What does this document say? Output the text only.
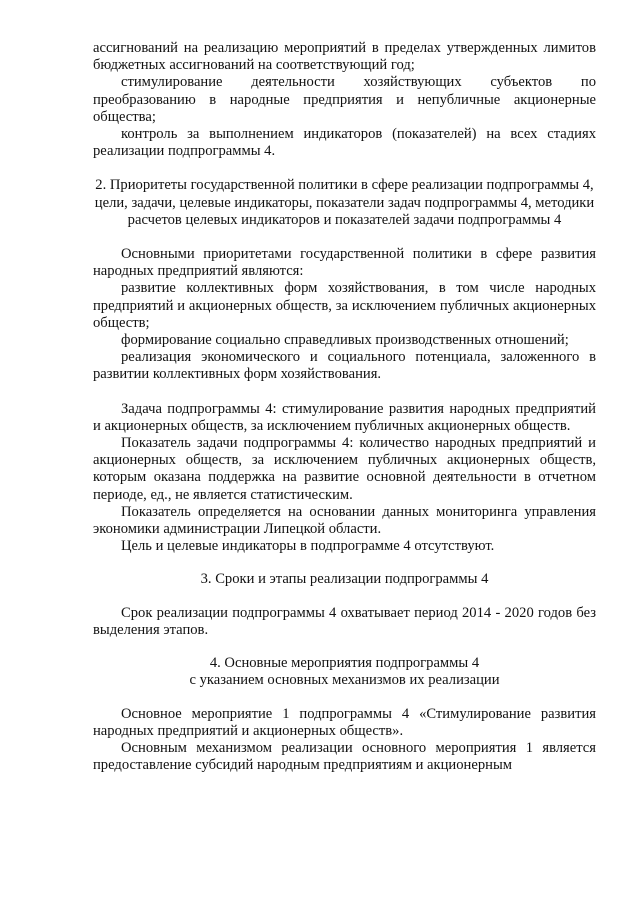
ассигнований на реализацию мероприятий в пределах утвержденных лимитов бюджетных ассигнований на соответствующий год;

стимулирование деятельности хозяйствующих субъектов по преобразованию в народные предприятия и непубличные акционерные общества;

контроль за выполнением индикаторов (показателей) на всех стадиях реализации подпрограммы 4.

2. Приоритеты государственной политики в сфере реализации подпрограммы 4, цели, задачи, целевые индикаторы, показатели задач подпрограммы 4, методики расчетов целевых индикаторов и показателей задачи подпрограммы 4

Основными приоритетами государственной политики в сфере развития народных предприятий являются:

развитие коллективных форм хозяйствования, в том числе народных предприятий и акционерных обществ, за исключением публичных акционерных обществ;

формирование социально справедливых производственных отношений;

реализация экономического и социального потенциала, заложенного в развитии коллективных форм хозяйствования.

Задача подпрограммы 4: стимулирование развития народных предприятий и акционерных обществ, за исключением публичных акционерных обществ.

Показатель задачи подпрограммы 4: количество народных предприятий и акционерных обществ, за исключением публичных акционерных обществ, которым оказана поддержка на развитие основной деятельности в отчетном периоде, ед., не является статистическим.

Показатель определяется на основании данных мониторинга управления экономики администрации Липецкой области.

Цель и целевые индикаторы в подпрограмме 4 отсутствуют.

3. Сроки и этапы реализации подпрограммы 4

Срок реализации подпрограммы 4 охватывает период 2014 - 2020 годов без выделения этапов.

4. Основные мероприятия подпрограммы 4

с указанием основных механизмов их реализации

Основное мероприятие 1 подпрограммы 4 «Стимулирование развития народных предприятий и акционерных обществ».

Основным механизмом реализации основного мероприятия 1 является предоставление субсидий народным предприятиям и акционерным
